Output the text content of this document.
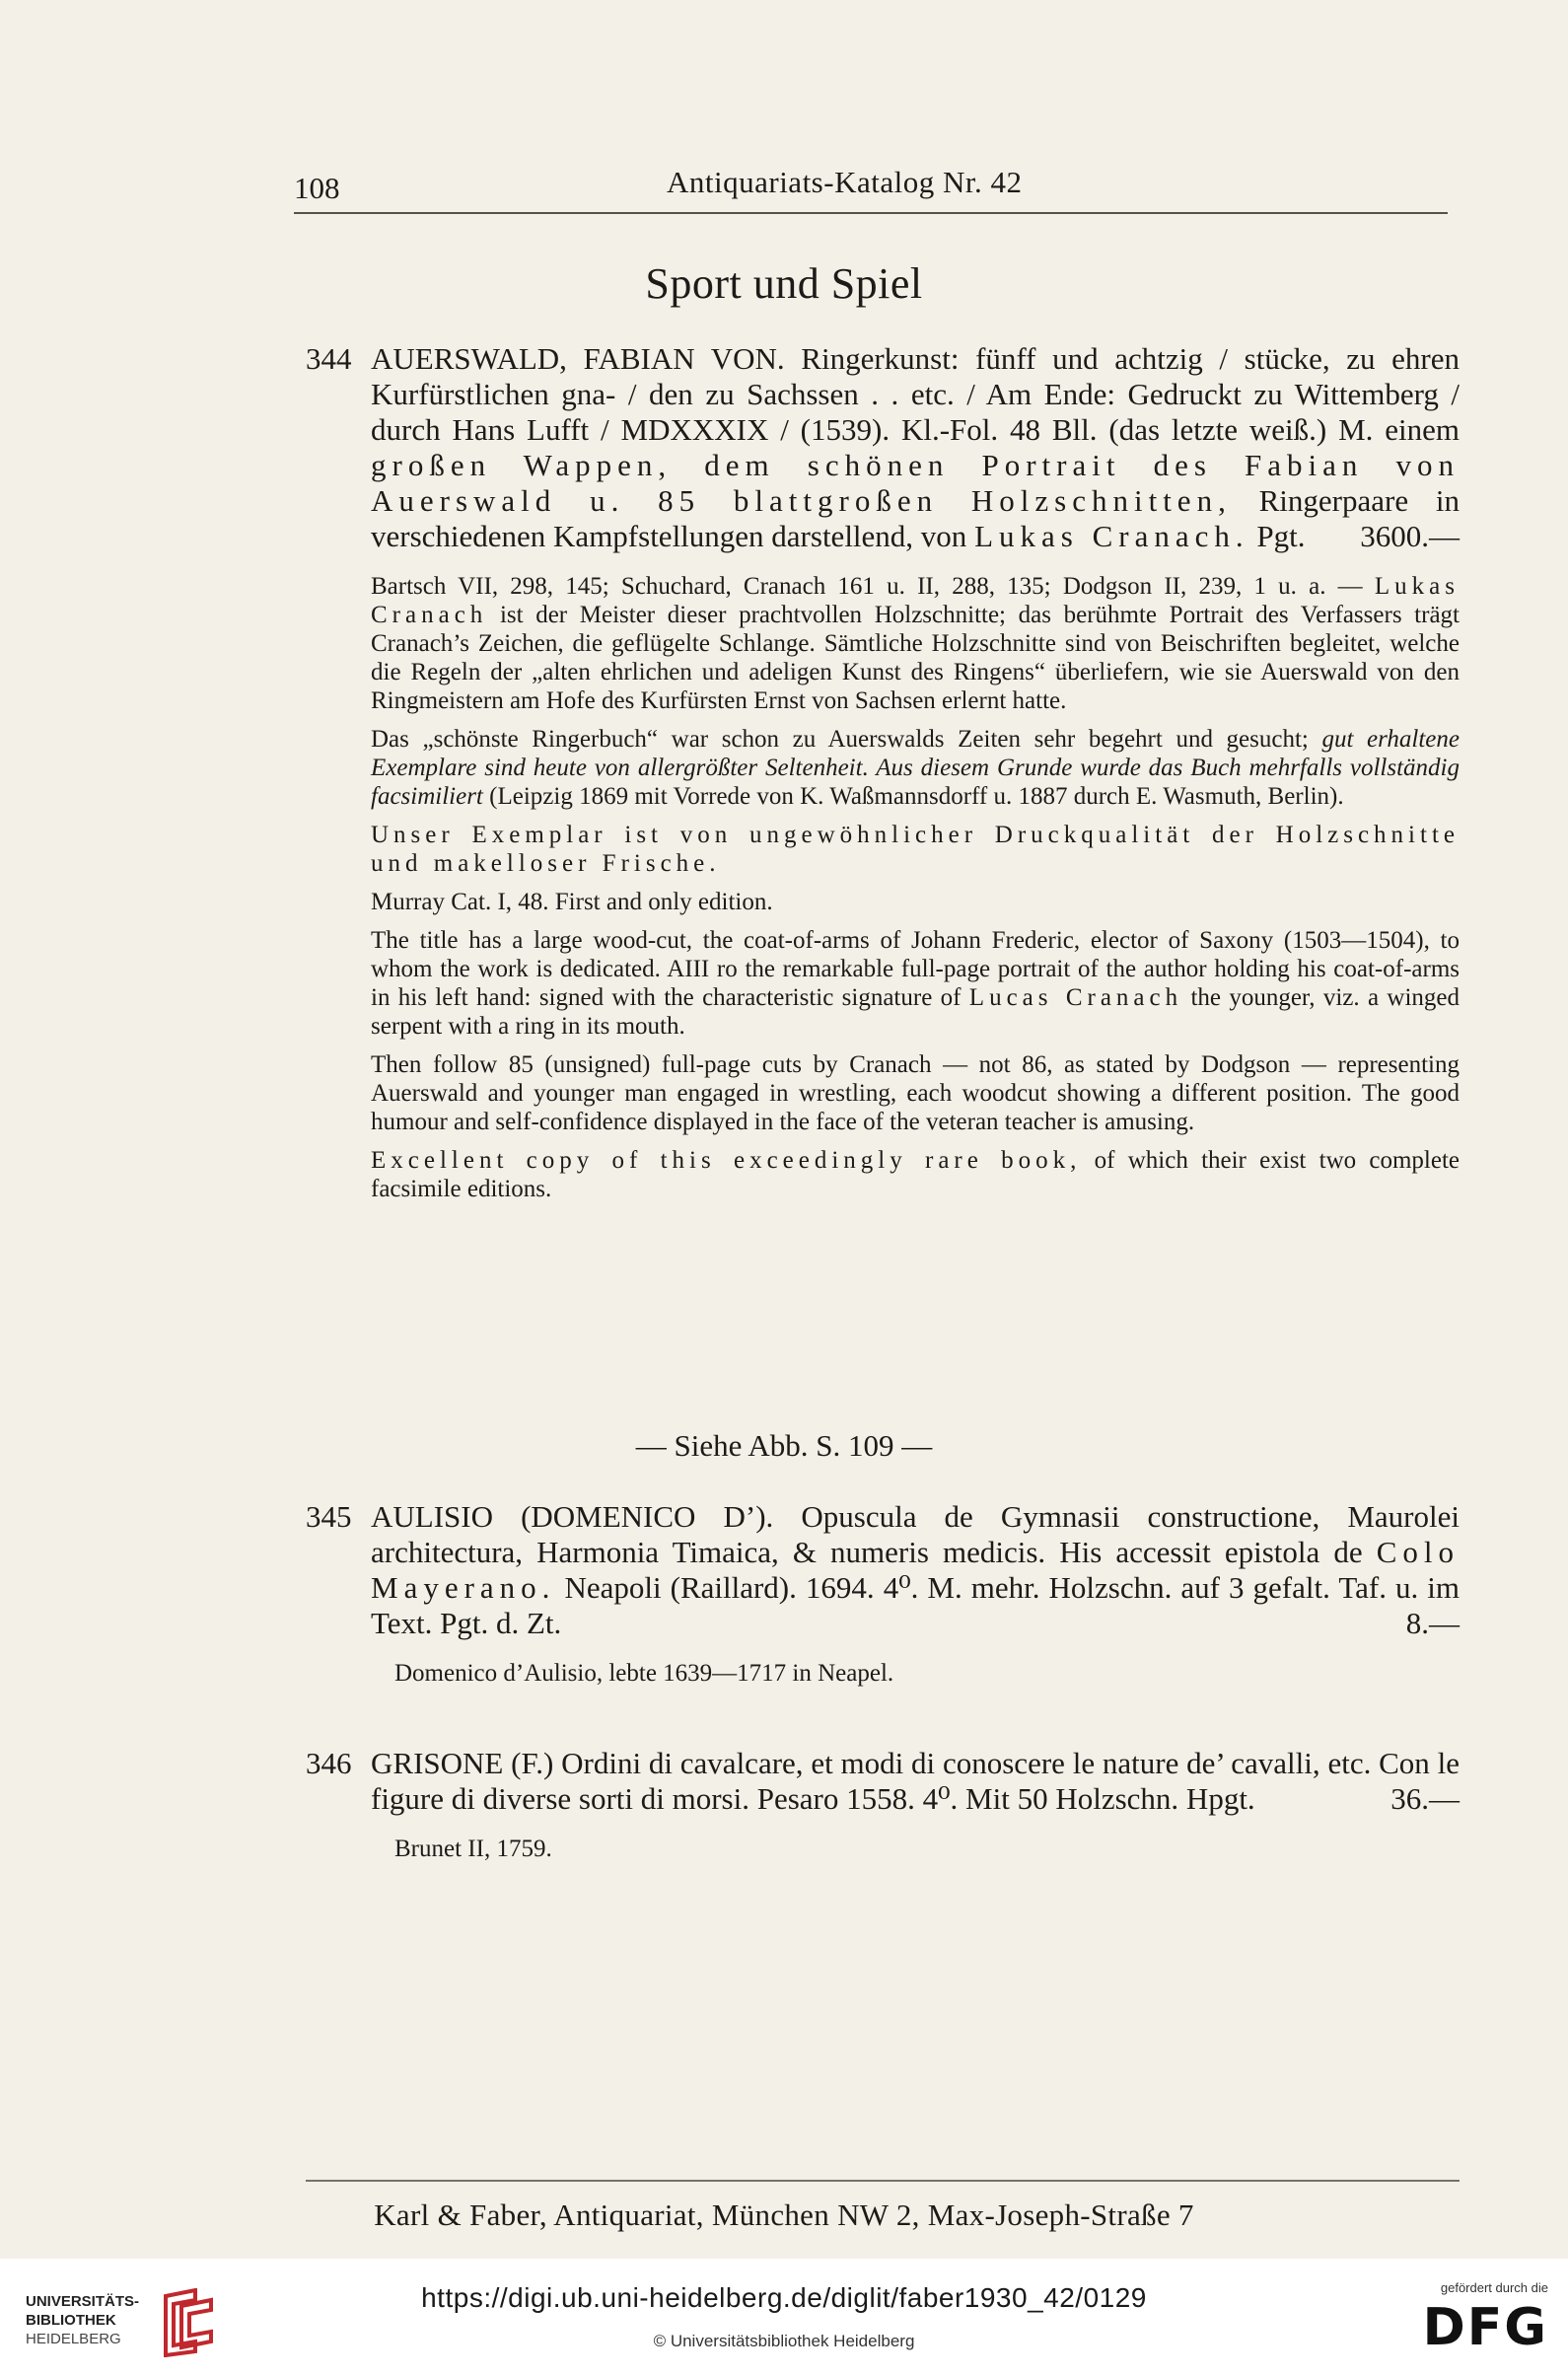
108	Antiquariats-Katalog Nr. 42
Sport und Spiel
344 AUERSWALD, FABIAN VON. Ringerkunst: fünff und achtzig / stücke, zu ehren Kurfürstlichen gna- / den zu Sachssen . . etc. / Am Ende: Gedruckt zu Wittemberg / durch Hans Lufft / MDXXXIX / (1539). Kl.-Fol. 48 Bll. (das letzte weiß.) M. einem großen Wappen, dem schönen Portrait des Fabian von Auerswald u. 85 blattgroßen Holzschnitten, Ringerpaare in verschiedenen Kampfstellungen darstellend, von Lukas Cranach. Pgt. 3600.—
Bartsch VII, 298, 145; Schuchard, Cranach 161 u. II, 288, 135; Dodgson II, 239, 1 u. a. — Lukas Cranach ist der Meister dieser prachtvollen Holzschnitte; das berühmte Portrait des Verfassers trägt Cranach’s Zeichen, die geflügelte Schlange. Sämtliche Holzschnitte sind von Beischriften begleitet, welche die Regeln der „alten ehrlichen und adeligen Kunst des Ringens“ überliefern, wie sie Auerswald von den Ringmeistern am Hofe des Kurfürsten Ernst von Sachsen erlernt hatte.
Das „schönste Ringerbuch“ war schon zu Auerswalds Zeiten sehr begehrt und gesucht; gut erhaltene Exemplare sind heute von allergrößter Seltenheit. Aus diesem Grunde wurde das Buch mehrfalls vollständig facsimiliert (Leipzig 1869 mit Vorrede von K. Waßmannsdorff u. 1887 durch E. Wasmuth, Berlin).
Unser Exemplar ist von ungewöhnlicher Druckqualität der Holzschnitte und makelloser Frische.
Murray Cat. I, 48. First and only edition.
The title has a large wood-cut, the coat-of-arms of Johann Frederic, elector of Saxony (1503—1504), to whom the work is dedicated. AIII ro the remarkable full-page portrait of the author holding his coat-of-arms in his left hand: signed with the characteristic signature of Lucas Cranach the younger, viz. a winged serpent with a ring in its mouth.
Then follow 85 (unsigned) full-page cuts by Cranach — not 86, as stated by Dodgson — representing Auerswald and younger man engaged in wrestling, each woodcut showing a different position. The good humour and self-confidence displayed in the face of the veteran teacher is amusing.
Excellent copy of this exceedingly rare book, of which their exist two complete facsimile editions.
— Siehe Abb. S. 109 —
345 AULISIO (DOMENICO D’). Opuscula de Gymnasii constructione, Maurolei architectura, Harmonia Timaica, & numeris medicis. His accessit epistola de Colo Mayerano. Neapoli (Raillard). 1694. 4⁰. M. mehr. Holzschn. auf 3 gefalt. Taf. u. im Text. Pgt. d. Zt.	8.—
Domenico d’Aulisio, lebte 1639—1717 in Neapel.
346 GRISONE (F.) Ordini di cavalcare, et modi di conoscere le nature de’ cavalli, etc. Con le figure di diverse sorti di morsi. Pesaro 1558. 4⁰. Mit 50 Holzschn. Hpgt.	36.—
Brunet II, 1759.
Karl & Faber, Antiquariat, München NW 2, Max-Joseph-Straße 7
UNIVERSITÄTS-
BIBLIOTHEK
HEIDELBERG
https://digi.ub.uni-heidelberg.de/diglit/faber1930_42/0129
© Universitätsbibliothek Heidelberg
gefördert durch die
DFG
